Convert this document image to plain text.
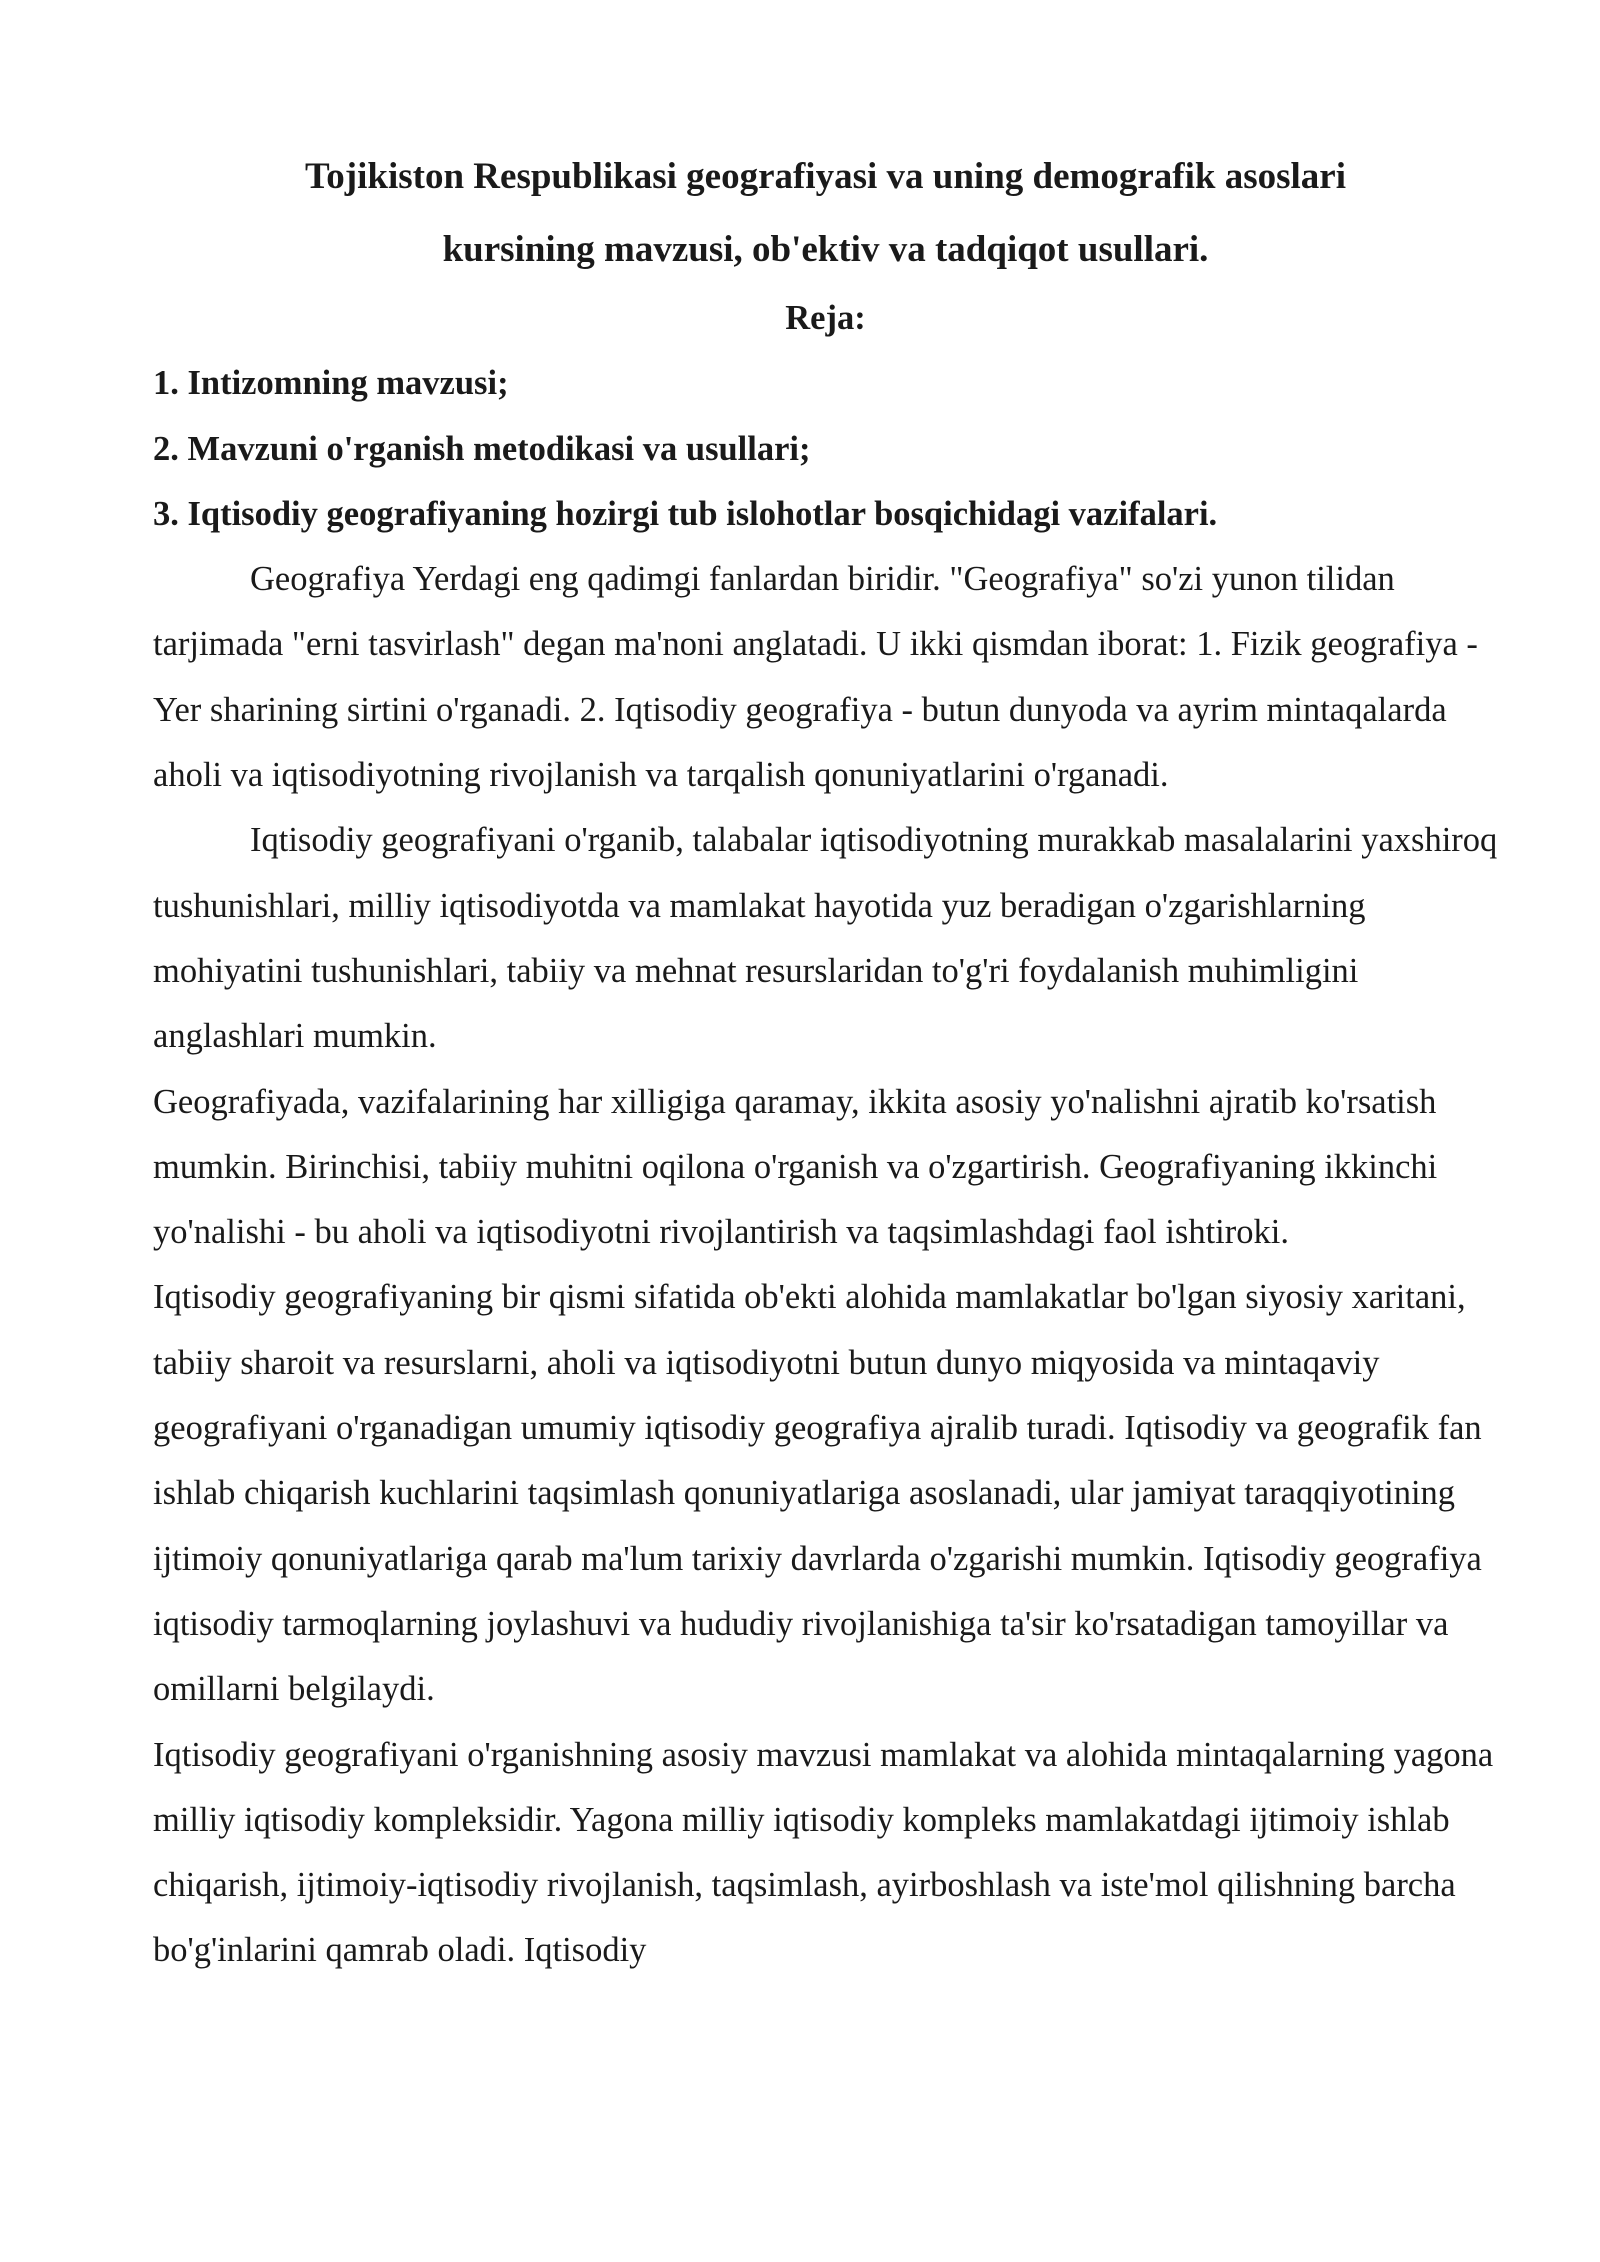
Tojikiston Respublikasi geografiyasi va uning demografik asoslari
kursining mavzusi, ob'ektiv va tadqiqot usullari.
Reja:
1. Intizomning mavzusi;
2. Mavzuni o'rganish metodikasi va usullari;
3. Iqtisodiy geografiyaning hozirgi tub islohotlar bosqichidagi vazifalari.

Geografiya Yerdagi eng qadimgi fanlardan biridir. "Geografiya" so'zi yunon tilidan tarjimada "erni tasvirlash" degan ma'noni anglatadi. U ikki qismdan iborat: 1. Fizik geografiya - Yer sharining sirtini o'rganadi. 2. Iqtisodiy geografiya - butun dunyoda va ayrim mintaqalarda aholi va iqtisodiyotning rivojlanish va tarqalish qonuniyatlarini o'rganadi.

Iqtisodiy geografiyani o'rganib, talabalar iqtisodiyotning murakkab masalalarini yaxshiroq tushunishlari, milliy iqtisodiyotda va mamlakat hayotida yuz beradigan o'zgarishlarning mohiyatini tushunishlari, tabiiy va mehnat resurslaridan to'g'ri foydalanish muhimligini anglashlari mumkin.

Geografiyada, vazifalarining har xilligiga qaramay, ikkita asosiy yo'nalishni ajratib ko'rsatish mumkin. Birinchisi, tabiiy muhitni oqilona o'rganish va o'zgartirish. Geografiyaning ikkinchi yo'nalishi - bu aholi va iqtisodiyotni rivojlantirish va taqsimlashdagi faol ishtiroki.

Iqtisodiy geografiyaning bir qismi sifatida ob'ekti alohida mamlakatlar bo'lgan siyosiy xaritani, tabiiy sharoit va resurslarni, aholi va iqtisodiyotni butun dunyo miqyosida va mintaqaviy geografiyani o'rganadigan umumiy iqtisodiy geografiya ajralib turadi. Iqtisodiy va geografik fan ishlab chiqarish kuchlarini taqsimlash qonuniyatlariga asoslanadi, ular jamiyat taraqqiyotining ijtimoiy qonuniyatlariga qarab ma'lum tarixiy davrlarda o'zgarishi mumkin. Iqtisodiy geografiya iqtisodiy tarmoqlarning joylashuvi va hududiy rivojlanishiga ta'sir ko'rsatadigan tamoyillar va omillarni belgilaydi.

Iqtisodiy geografiyani o'rganishning asosiy mavzusi mamlakat va alohida mintaqalarning yagona milliy iqtisodiy kompleksidir. Yagona milliy iqtisodiy kompleks mamlakatdagi ijtimoiy ishlab chiqarish, ijtimoiy-iqtisodiy rivojlanish, taqsimlash, ayirboshlash va iste'mol qilishning barcha bo'g'inlarini qamrab oladi. Iqtisodiy
